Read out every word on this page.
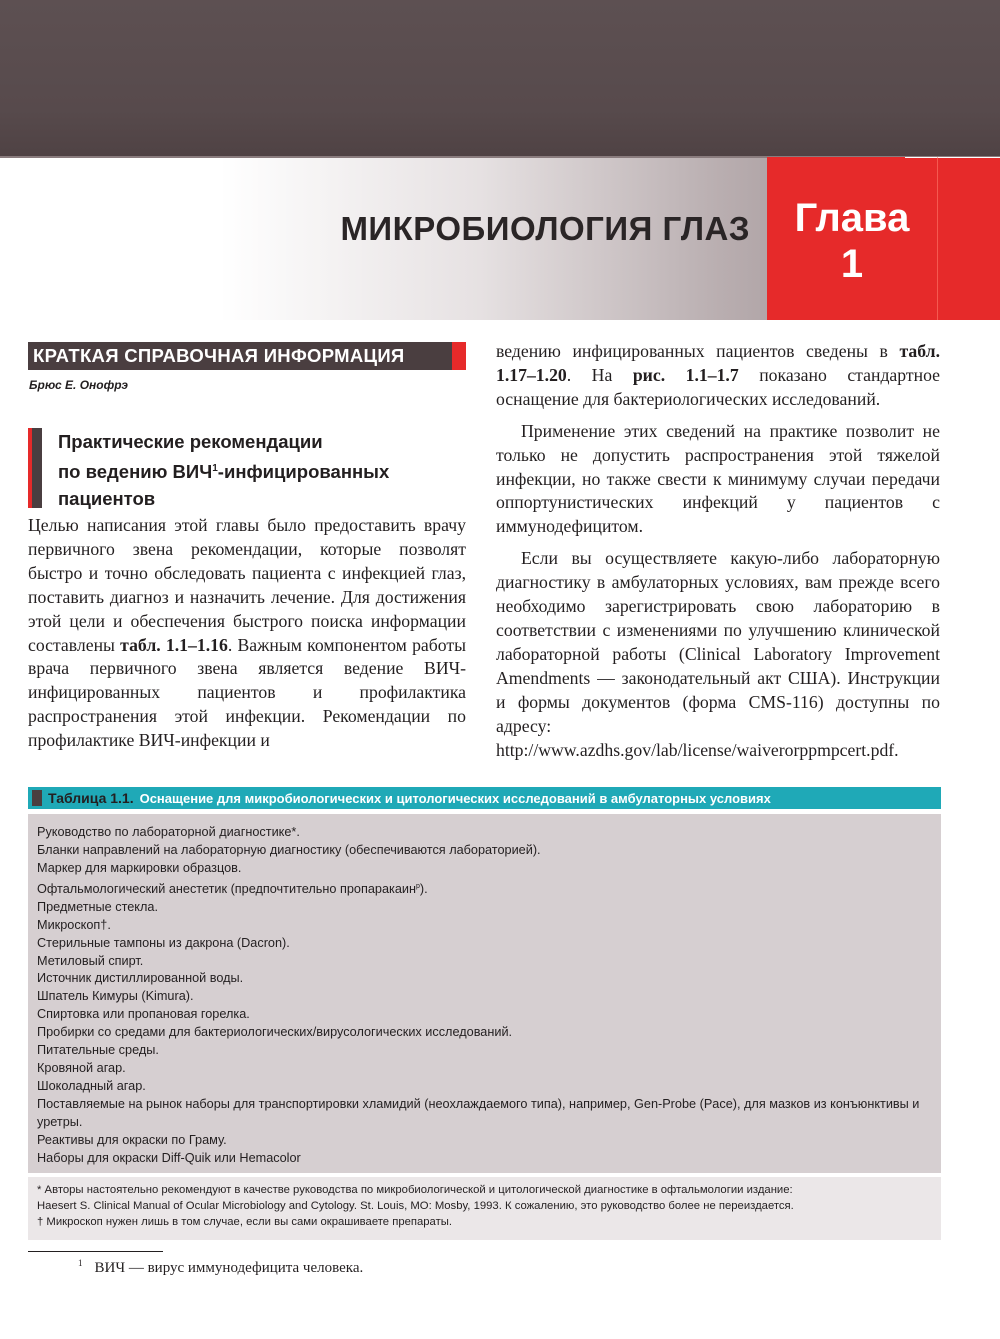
МИКРОБИОЛОГИЯ ГЛАЗ	Глава
1
КРАТКАЯ СПРАВОЧНАЯ ИНФОРМАЦИЯ
Брюс Е. Онофрэ
Практические рекомендации
по ведению ВИЧ$^1$-инфицированных
пациентов

Целью написания этой главы было предоставить врачу первичного звена рекомендации, которые позволят быстро и точно обследовать пациента с инфекцией глаз, поставить диагноз и назначить лечение. Для достижения этой цели и обеспечения быстрого поиска информации составлены табл. 1.1–1.16. Важным компонентом работы врача первичного звена является ведение ВИЧ-инфицированных пациентов и профилактика распространения этой инфекции. Рекомендации по профилактике ВИЧ-инфекции и

ведению инфицированных пациентов сведены в табл. 1.17–1.20. На рис. 1.1–1.7 показано стандартное оснащение для бактериологических исследований.

Применение этих сведений на практике позволит не только не допустить распространения этой тяжелой инфекции, но также свести к минимуму случаи передачи оппортунистических инфекций у пациентов с иммунодефицитом.

Если вы осуществляете какую-либо лабораторную диагностику в амбулаторных условиях, вам прежде всего необходимо зарегистрировать свою лабораторию в соответствии с изменениями по улучшению клинической лабораторной работы (Clinical Laboratory Improvement Amendments — законодательный акт США). Инструкции и формы документов (форма CMS-116) доступны по адресу: http://www.azdhs.gov/lab/license/waiverorppmpcert.pdf.

Таблица 1.1. Оснащение для микробиологических и цитологических исследований в амбулаторных условиях
Руководство по лабораторной диагностике*.
Бланки направлений на лабораторную диагностику (обеспечиваются лабораторией).
Маркер для маркировки образцов.
Офтальмологический анестетик (предпочтительно пропаракаин$^р$).
Предметные стекла.
Микроскоп†.
Стерильные тампоны из дакрона (Dacron).
Метиловый спирт.
Источник дистиллированной воды.
Шпатель Кимуры (Kimura).
Спиртовка или пропановая горелка.
Пробирки со средами для бактериологических/вирусологических исследований.
Питательные среды.
Кровяной агар.
Шоколадный агар.
Поставляемые на рынок наборы для транспортировки хламидий (неохлаждаемого типа), например, Gen-Probe (Pace), для мазков из конъюнктивы и уретры.
Реактивы для окраски по Граму.
Наборы для окраски Diff-Quik или Hemacolor
* Авторы настоятельно рекомендуют в качестве руководства по микробиологической и цитологической диагностике в офтальмологии издание:
Haesert S. Clinical Manual of Ocular Microbiology and Cytology. St. Louis, MO: Mosby, 1993. К сожалению, это руководство более не переиздается.
† Микроскоп нужен лишь в том случае, если вы сами окрашиваете препараты.
$^1$ ВИЧ — вирус иммунодефицита человека.
